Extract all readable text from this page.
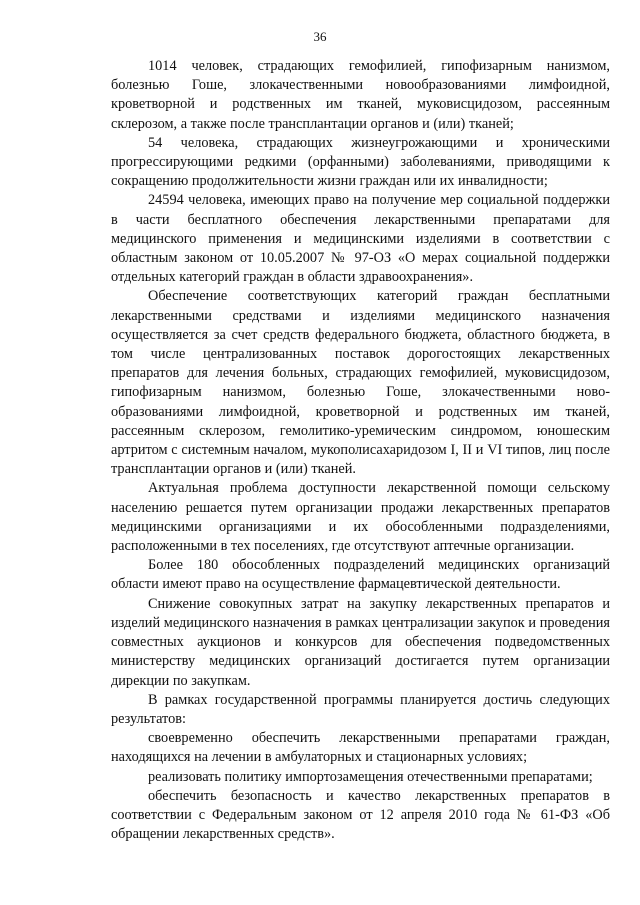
36

1014 человек, страдающих гемофилией, гипофизарным нанизмом, болезнью Гоше, злокачественными новообразованиями лимфоидной, кроветворной и родственных им тканей, муковисцидозом, рассеянным склерозом, а также после трансплантации органов и (или) тканей;

54 человека, страдающих жизнеугрожающими и хроническими прогрессирующими редкими (орфанными) заболеваниями, приводящими к сокращению продолжительности жизни граждан или их инвалидности;

24594 человека, имеющих право на получение мер социальной поддержки в части бесплатного обеспечения лекарственными препаратами для медицинского применения и медицинскими изделиями в соответствии с областным законом от 10.05.2007 № 97-ОЗ «О мерах социальной поддержки отдельных категорий граждан в области здравоохранения».

Обеспечение соответствующих категорий граждан бесплатными лекарственными средствами и изделиями медицинского назначения осуществляется за счет средств федерального бюджета, областного бюджета, в том числе централизованных поставок дорогостоящих лекарственных препаратов для лечения больных, страдающих гемофилией, муковисцидозом, гипофизарным нанизмом, болезнью Гоше, злокачественными новообразованиями лимфоидной, кроветворной и родственных им тканей, рассеянным склерозом, гемолитико-уремическим синдромом, юношеским артритом с системным началом, мукополисахаридозом I, II и VI типов, лиц после трансплантации органов и (или) тканей.

Актуальная проблема доступности лекарственной помощи сельскому населению решается путем организации продажи лекарственных препаратов медицинскими организациями и их обособленными подразделениями, расположенными в тех поселениях, где отсутствуют аптечные организации.

Более 180 обособленных подразделений медицинских организаций области имеют право на осуществление фармацевтической деятельности.

Снижение совокупных затрат на закупку лекарственных препаратов и изделий медицинского назначения в рамках централизации закупок и проведения совместных аукционов и конкурсов для обеспечения подведомственных министерству медицинских организаций достигается путем организации дирекции по закупкам.

В рамках государственной программы планируется достичь следующих результатов:

своевременно обеспечить лекарственными препаратами граждан, находящихся на лечении в амбулаторных и стационарных условиях;

реализовать политику импортозамещения отечественными препаратами;

обеспечить безопасность и качество лекарственных препаратов в соответствии с Федеральным законом от 12 апреля 2010 года № 61-ФЗ «Об обращении лекарственных средств».
